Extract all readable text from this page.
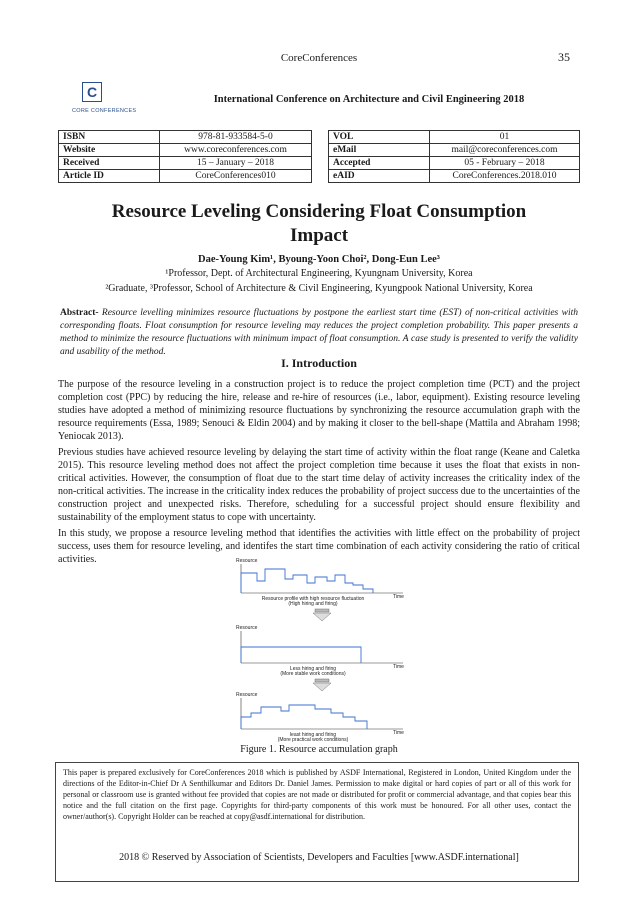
CoreConferences	35
C
CORE CONFERENCES
International Conference on Architecture and Civil Engineering 2018
ISBN	978-81-933584-5-0
Website	www.coreconferences.com
Received	15 – January – 2018
Article ID	CoreConferences010
VOL	01
eMail	mail@coreconferences.com
Accepted	05 - February – 2018
eAID	CoreConferences.2018.010
Resource Leveling Considering Float Consumption
Impact
Dae-Young Kim¹, Byoung-Yoon Choi², Dong-Eun Lee³
¹Professor, Dept. of Architectural Engineering, Kyungnam University, Korea
²Graduate, ³Professor, School of Architecture & Civil Engineering, Kyungpook National University, Korea
Abstract- Resource levelling minimizes resource fluctuations by postpone the earliest start time (EST) of non-critical activities with corresponding floats. Float consumption for resource leveling may reduces the project completion probability. This paper presents a method to minimize the resource fluctuations with minimum impact of float consumption. A case study is presented to verify the validity and usability of the method.
I. Introduction
The purpose of the resource leveling in a construction project is to reduce the project completion time (PCT) and the project completion cost (PPC) by reducing the hire, release and re-hire of resources (i.e., labor, equipment). Existing resource leveling studies have adopted a method of minimizing resource fluctuations by synchronizing the resource accumulation graph with the resource requirements (Essa, 1989; Senouci & Eldin 2004) and by making it closer to the bell-shape (Mattila and Abraham 1998; Yeniocak 2013).
Previous studies have achieved resource leveling by delaying the start time of activity within the float range (Keane and Caletka 2015). This resource leveling method does not affect the project completion time because it uses the float that exists in non-critical activities. However, the consumption of float due to the start time delay of activity increases the criticality index of the non-critical activities. The increase in the criticality index reduces the probability of project success due to the uncertainties of the construction project and unexpected risks. Therefore, scheduling for a successful project should ensure flexibility and sustainability of the employment status to cope with uncertainty.
In this study, we propose a resource leveling method that identifies the activities with little effect on the probability of project success, uses them for resource leveling, and identifes the start time combination of each activity considering the ratio of critical activities.	Resource
Time
Resource profile with high resource fluctuation
(High hiring and firing)
Resource
Time
Less hiring and firing
(More stable work conditions)
Resource
Time
least hiring and firing
(More practical work conditions)
Figure 1. Resource accumulation graph
This paper is prepared exclusively for CoreConferences 2018 which is published by ASDF International, Registered in London, United Kingdom under the directions of the Editor-in-Chief Dr A Senthilkumar and Editors Dr. Daniel James. Permission to make digital or hard copies of part or all of this work for personal or classroom use is granted without fee provided that copies are not made or distributed for profit or commercial advantage, and that copies bear this notice and the full citation on the first page. Copyrights for third-party components of this work must be honoured. For all other uses, contact the owner/author(s). Copyright Holder can be reached at copy@asdf.international for distribution.
2018 © Reserved by Association of Scientists, Developers and Faculties [www.ASDF.international]
